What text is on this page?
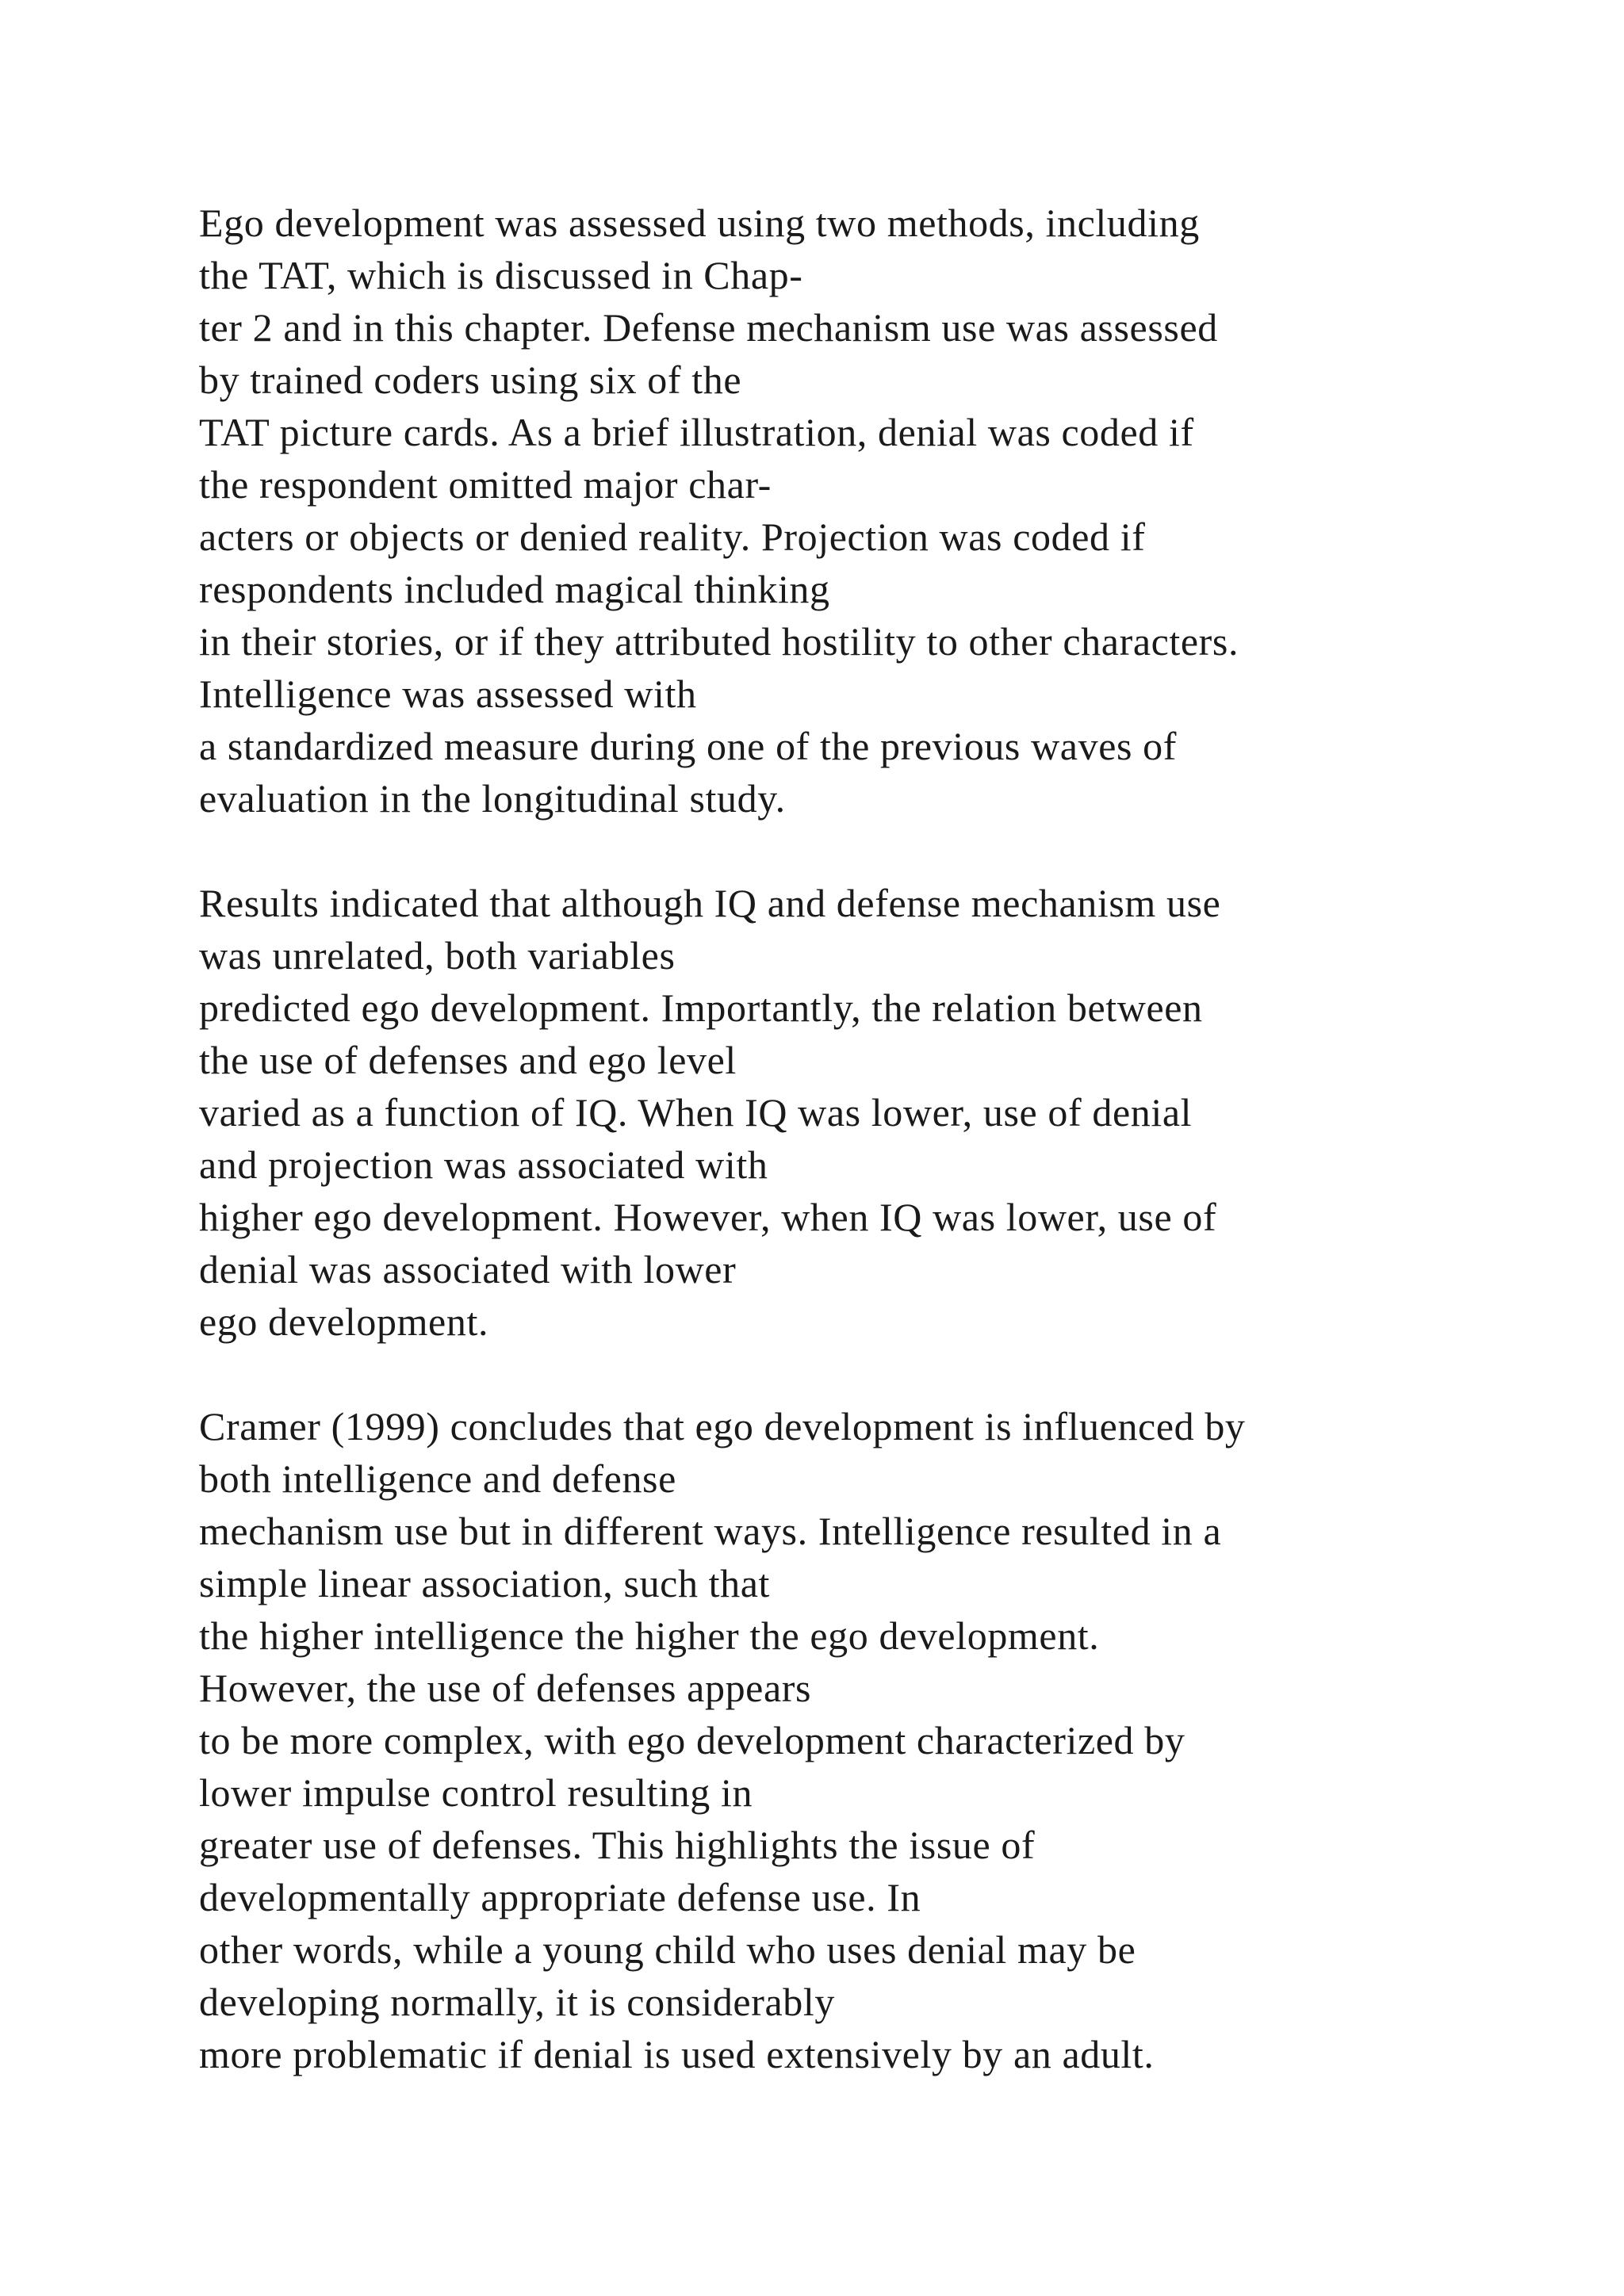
Ego development was assessed using two methods, including
the TAT, which is discussed in Chap-
ter 2 and in this chapter. Defense mechanism use was assessed
by trained coders using six of the
TAT picture cards. As a brief illustration, denial was coded if
the respondent omitted major char-
acters or objects or denied reality. Projection was coded if
respondents included magical thinking
in their stories, or if they attributed hostility to other characters.
Intelligence was assessed with
a standardized measure during one of the previous waves of
evaluation in the longitudinal study.
Results indicated that although IQ and defense mechanism use
was unrelated, both variables
predicted ego development. Importantly, the relation between
the use of defenses and ego level
varied as a function of IQ. When IQ was lower, use of denial
and projection was associated with
higher ego development. However, when IQ was lower, use of
denial was associated with lower
ego development.
Cramer (1999) concludes that ego development is influenced by
both intelligence and defense
mechanism use but in different ways. Intelligence resulted in a
simple linear association, such that
the higher intelligence the higher the ego development.
However, the use of defenses appears
to be more complex, with ego development characterized by
lower impulse control resulting in
greater use of defenses. This highlights the issue of
developmentally appropriate defense use. In
other words, while a young child who uses denial may be
developing normally, it is considerably
more problematic if denial is used extensively by an adult.
